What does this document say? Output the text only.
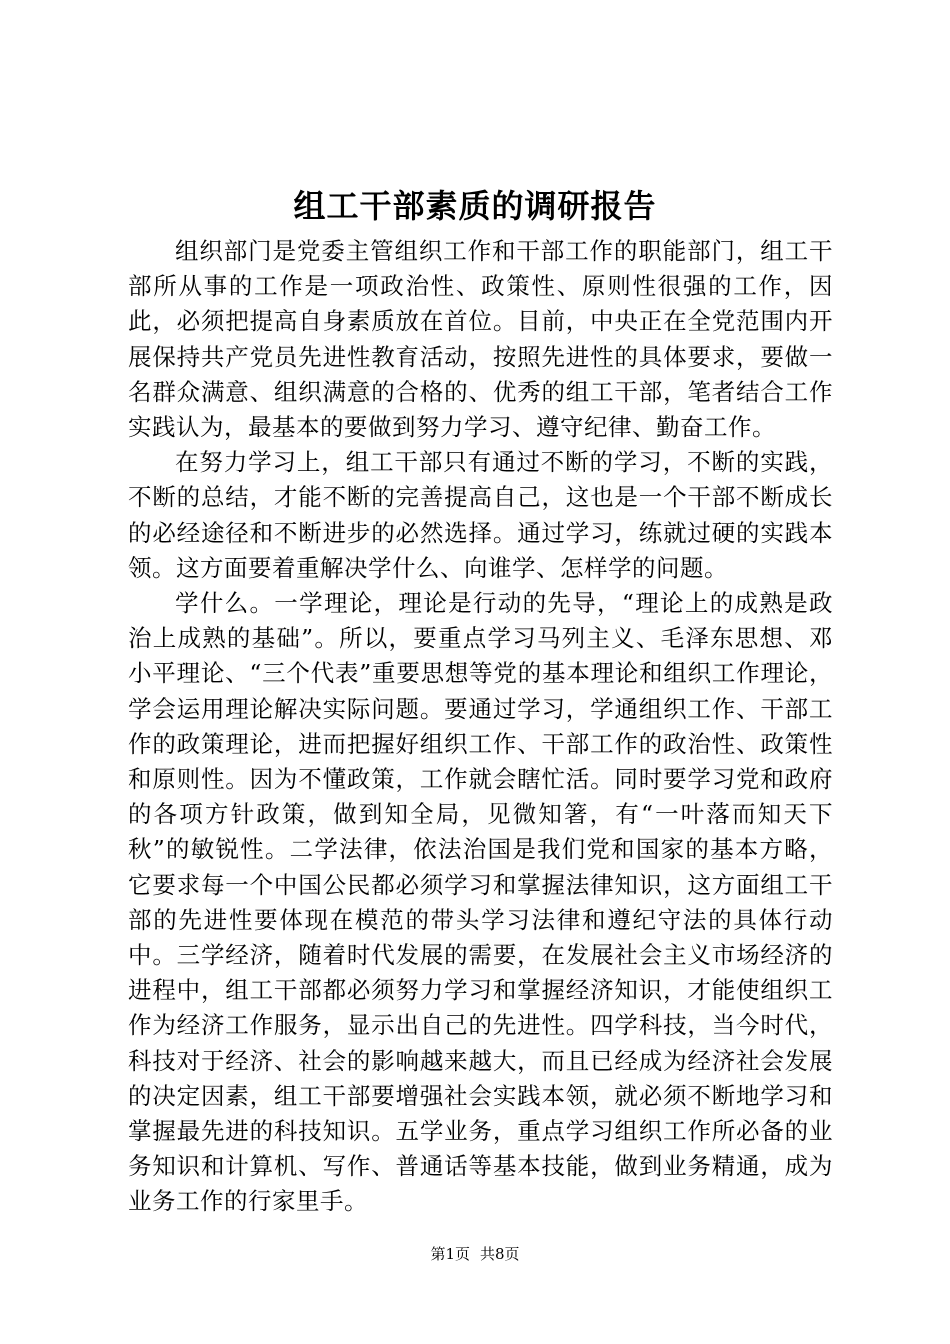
组工干部素质的调研报告

组织部门是党委主管组织工作和干部工作的职能部门，组工干部所从事的工作是一项政治性、政策性、原则性很强的工作，因此，必须把提高自身素质放在首位。目前，中央正在全党范围内开展保持共产党员先进性教育活动，按照先进性的具体要求，要做一名群众满意、组织满意的合格的、优秀的组工干部，笔者结合工作实践认为，最基本的要做到努力学习、遵守纪律、勤奋工作。

在努力学习上，组工干部只有通过不断的学习，不断的实践，不断的总结，才能不断的完善提高自己，这也是一个干部不断成长的必经途径和不断进步的必然选择。通过学习，练就过硬的实践本领。这方面要着重解决学什么、向谁学、怎样学的问题。

学什么。一学理论，理论是行动的先导，“理论上的成熟是政治上成熟的基础”。所以，要重点学习马列主义、毛泽东思想、邓小平理论、“三个代表”重要思想等党的基本理论和组织工作理论，学会运用理论解决实际问题。要通过学习，学通组织工作、干部工作的政策理论，进而把握好组织工作、干部工作的政治性、政策性和原则性。因为不懂政策，工作就会瞎忙活。同时要学习党和政府的各项方针政策，做到知全局，见微知箸，有“一叶落而知天下秋”的敏锐性。二学法律，依法治国是我们党和国家的基本方略，它要求每一个中国公民都必须学习和掌握法律知识，这方面组工干部的先进性要体现在模范的带头学习法律和遵纪守法的具体行动中。三学经济，随着时代发展的需要，在发展社会主义市场经济的进程中，组工干部都必须努力学习和掌握经济知识，才能使组织工作为经济工作服务，显示出自己的先进性。四学科技，当今时代，科技对于经济、社会的影响越来越大，而且已经成为经济社会发展的决定因素，组工干部要增强社会实践本领，就必须不断地学习和掌握最先进的科技知识。五学业务，重点学习组织工作所必备的业务知识和计算机、写作、普通话等基本技能，做到业务精通，成为业务工作的行家里手。

第1页 共8页
